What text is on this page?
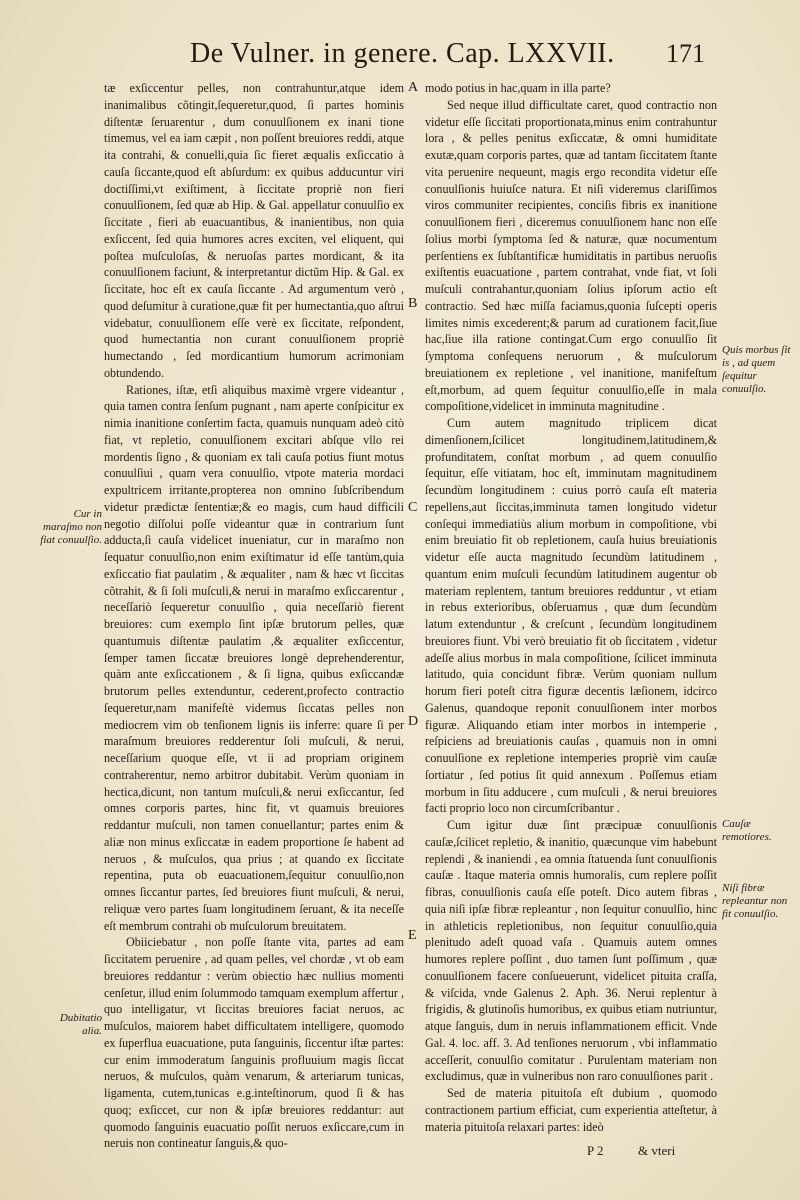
De Vulner. in genere. Cap. LXXVII. 171

tæ exſiccentur pelles, non contrahuntur,atque idem inanimalibus cõtingit,ſequeretur,quod, ſi partes hominis diſtentæ ſeruarentur , dum conuulſionem ex inani tione timemus, vel ea iam cæpit , non poſſent breuiores reddi, atque ita contrahi, & conuelli,quia ſic fieret æqualis exſiccatio à cauſa ſiccante,quod eſt abſurdum: ex quibus adducuntur viri doctiſſimi,vt exiſtiment, à ſiccitate propriè non fieri conuulſionem, ſed quæ ab Hip. & Gal. appellatur conuulſio ex ſiccitate , fieri ab euacuantibus, & inanientibus, non quia exſiccent, ſed quia humores acres exciten, vel eliquent, qui poſtea muſculoſas, & neruoſas partes mordicant, & ita conuulſionem faciunt, & interpretantur dictũm Hip. & Gal. ex ſiccitate, hoc eſt ex cauſa ſiccante . Ad argumentum verò , quod deſumitur à curatione,quæ fit per humectantia,quo aſtrui videbatur, conuulſionem eſſe verè ex ſiccitate, reſpondent, quod humectantia non curant conuulſionem propriè humectando , ſed mordicantium humorum acrimoniam obtundendo.

Rationes, iſtæ, etſi aliquibus maximè vrgere videantur , quia tamen contra ſenſum pugnant , nam aperte conſpicitur ex nimia inanitione conſertim facta, quamuis nunquam adeò citò fiat, vt repletio, conuulſionem excitari abſque vllo rei mordentis ſigno , & quoniam ex tali cauſa potius fiunt motus conuulſiui , quam vera conuulſio, vtpote materia mordaci expultricem irritante,propterea non omnino ſubſcribendum videtur prædictæ ſententiæ;& eo magis, cum haud difficili negotio diſſolui poſſe videantur quæ in contrarium ſunt adducta,ſi cauſa videlicet inueniatur, cur in maraſmo non ſequatur conuulſio,non enim exiſtimatur id eſſe tantùm,quia exſiccatio fiat paulatim , & æqualiter , nam & hæc vt ſiccitas cõtrahit, & ſi ſoli muſculi,& nerui in maraſmo exſiccarentur , neceſſariò ſequeretur conuulſio , quia neceſſariò fierent breuiores: cum exemplo ſint ipſæ brutorum pelles, quæ quantumuis diſtentæ paulatim ,& æqualiter exſiccentur, ſemper tamen ſiccatæ breuiores longè deprehenderentur, quàm ante exſiccationem , & ſi ligna, quibus exſiccandæ brutorum pelles extenduntur, cederent,profecto contractio ſequeretur,nam manifeſtè videmus ſiccatas pelles non mediocrem vim ob tenſionem lignis iis inferre: quare ſi per maraſmum breuiores redderentur ſoli muſculi, & nerui, neceſſarium quoque eſſe, vt ii ad propriam originem contraherentur, nemo arbitror dubitabit. Verùm quoniam in hectica,dicunt, non tantum muſculi,& nerui exſiccantur, ſed omnes corporis partes, hinc fit, vt quamuis breuiores reddantur muſculi, non tamen conuellantur; partes enim & aliæ non minus exſiccatæ in eadem proportione ſe habent ad neruos , & muſculos, qua prius ; at quando ex ſiccitate repentina, puta ob euacuationem,ſequitur conuulſio,non omnes ſiccantur partes, ſed breuiores fiunt muſculi, & nerui, reliquæ vero partes ſuam longitudinem ſeruant, & ita neceſſe eſt membrum contrahi ob muſculorum breuitatem.

Obiiciebatur , non poſſe ſtante vita, partes ad eam ſiccitatem peruenire , ad quam pelles, vel chordæ , vt ob eam breuiores reddantur : verùm obiectio hæc nullius momenti cenſetur, illud enim ſolummodo tamquam exemplum affertur , quo intelligatur, vt ſiccitas breuiores faciat neruos, ac muſculos, maiorem habet difficultatem intelligere, quomodo ex ſuperflua euacuatione, puta ſanguinis, ſiccentur iſtæ partes: cur enim immoderatum ſanguinis profluuium magis ſiccat neruos, & muſculos, quàm venarum, & arteriarum tunicas, ligamenta, cutem,tunicas e.g.inteſtinorum, quod ſi & has quoq; exſiccet, cur non & ipſæ breuiores reddantur: aut quomodo ſanguinis euacuatio poſſit neruos exſiccare,cum in neruis non contineatur ſanguis,& quo-

modo potius in hac,quam in illa parte?

Sed neque illud difficultate caret, quod contractio non videtur eſſe ſiccitati proportionata,minus enim contrahuntur lora , & pelles penitus exſiccatæ, & omni humiditate exutæ,quam corporis partes, quæ ad tantam ſiccitatem ſtante vita peruenire nequeunt, magis ergo recondita videtur eſſe conuulſionis huiuſce natura. Et niſi videremus clariſſimos viros communiter recipientes, conciſis fibris ex inanitione conuulſionem fieri , diceremus conuulſionem hanc non eſſe ſolius morbi ſymptoma ſed & naturæ, quæ nocumentum perſentiens ex ſubſtantificæ humiditatis in partibus neruoſis exiſtentis euacuatione , partem contrahat, vnde fiat, vt ſoli muſculi contrahantur,quoniam ſolius ipſorum actio eſt contractio. Sed hæc miſſa faciamus,quonia ſuſcepti operis limites nimis excederent;& parum ad curationem facit,ſiue hac,ſiue illa ratione contingat.Cum ergo conuulſio ſit ſymptoma conſequens neruorum , & muſculorum breuiationem ex repletione , vel inanitione, manifeſtum eſt,morbum, ad quem ſequitur conuulſio,eſſe in mala compoſitione,videlicet in imminuta magnitudine .

Cum autem magnitudo triplicem dicat dimenſionem,ſcilicet longitudinem,latitudinem,& profunditatem, conſtat morbum , ad quem conuulſio ſequitur, eſſe vitiatam, hoc eſt, imminutam magnitudinem ſecundùm longitudinem : cuius porrò cauſa eſt materia repellens,aut ſiccitas,imminuta tamen longitudo videtur conſequi immediatiùs alium morbum in compoſitione, vbi enim breuiatio fit ob repletionem, cauſa huius breuiationis videtur eſſe aucta magnitudo ſecundùm latitudinem , quantum enim muſculi ſecundùm latitudinem augentur ob materiam replentem, tantum breuiores redduntur , vt etiam in rebus exterioribus, obſeruamus , quæ dum ſecundùm latum extenduntur , & creſcunt , ſecundùm longitudinem breuiores fiunt. Vbi verò breuiatio fit ob ſiccitatem , videtur adeſſe alius morbus in mala compoſitione, ſcilicet imminuta latitudo, quia concidunt fibræ. Verùm quoniam nullum horum fieri poteſt citra figuræ decentis læſionem, idcirco Galenus, quandoque reponit conuulſionem inter morbos figuræ. Aliquando etiam inter morbos in intemperie , reſpiciens ad breuiationis cauſas , quamuis non in omni conuulſione ex repletione intemperies propriè vim cauſæ ſortiatur , ſed potius ſit quid annexum . Poſſemus etiam morbum in ſitu adducere , cum muſculi , & nerui breuiores facti proprio loco non circumſcribantur .

Cum igitur duæ ſint præcipuæ conuulſionis cauſæ,ſcilicet repletio, & inanitio, quæcunque vim habebunt replendi , & inaniendi , ea omnia ſtatuenda ſunt conuulſionis cauſæ . Itaque materia omnis humoralis, cum replere poſſit fibras, conuulſionis cauſa eſſe poteſt. Dico autem fibras , quia niſi ipſæ fibræ repleantur , non ſequitur conuulſio, hinc in athleticis repletionibus, non ſequitur conuulſio,quia plenitudo adeſt quoad vaſa . Quamuis autem omnes humores replere poſſint , duo tamen ſunt poſſimum , quæ conuulſionem facere conſueuerunt, videlicet pituita craſſa, & viſcida, vnde Galenus 2. Aph. 36. Nerui replentur à frigidis, & glutinoſis humoribus, ex quibus etiam nutriuntur, atque ſanguis, dum in neruis inflammationem efficit. Vnde Gal. 4. loc. aff. 3. Ad tenſiones neruorum , vbi inflammatio acceſſerit, conuulſio comitatur . Purulentam materiam non excludimus, quæ in vulneribus non raro conuulſiones parit .

Sed de materia pituitoſa eſt dubium , quomodo contractionem partium efficiat, cum experientia atteſtetur, à materia pituitoſa relaxari partes: ideò

A
B
C
D
E
Cur in maraſmo non fiat conuulſio.
Dubitatio alia.
Quis morbus ſit is , ad quem ſequitur conuulſio.
Cauſæ remotiores.
Niſi fibræ repleantur non fit conuulſio.
P 2	& vteri
